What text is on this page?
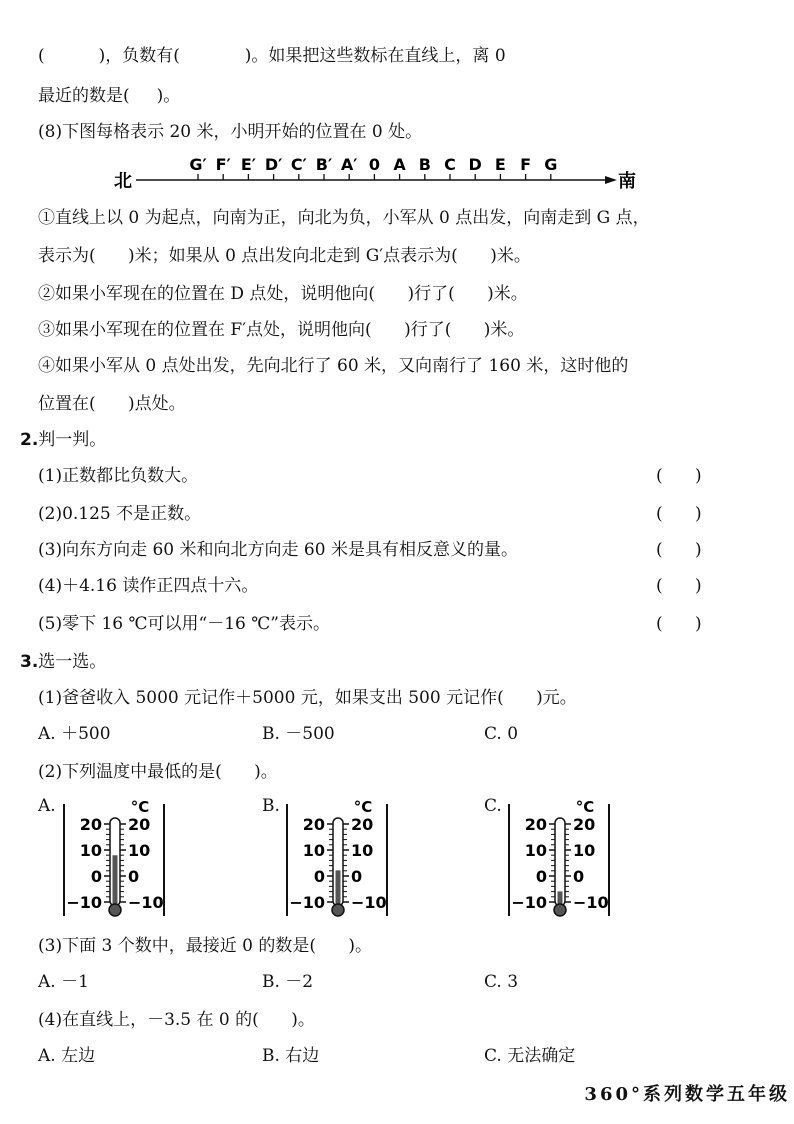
(          )，负数有(            )。如果把这些数标在直线上，离 0
最近的数是(     )。
(8)下图每格表示 20 米，小明开始的位置在 0 处。
北	南
G′ F′ E′ D′ C′ B′ A′ 0 A B C D E F G
①直线上以 0 为起点，向南为正，向北为负，小军从 0 点出发，向南走到 G 点，
表示为(      )米；如果从 0 点出发向北走到 G′点表示为(      )米。
②如果小军现在的位置在 D 点处，说明他向(      )行了(      )米。
③如果小军现在的位置在 F′点处，说明他向(      )行了(      )米。
④如果小军从 0 点处出发，先向北行了 60 米，又向南行了 160 米，这时他的
位置在(      )点处。
2.判一判。
(1)正数都比负数大。	(      )
(2)0.125 不是正数。	(      )
(3)向东方向走 60 米和向北方向走 60 米是具有相反意义的量。	(      )
(4)＋4.16 读作正四点十六。	(      )
(5)零下 16 ℃可以用“－16 ℃”表示。	(      )
3.选一选。
(1)爸爸收入 5000 元记作＋5000 元，如果支出 500 元记作(      )元。
A. ＋500	B. －500	C. 0
(2)下列温度中最低的是(      )。
A.	B.	C.
°C
20 20
10 10
0 0
−10 −10
°C
20 20
10 10
0 0
−10 −10
°C
20 20
10 10
0 0
−10 −10
(3)下面 3 个数中，最接近 0 的数是(      )。
A. －1	B. －2	C. 3
(4)在直线上，－3.5 在 0 的(      )。
A. 左边	B. 右边	C. 无法确定
360°系列数学五年级
